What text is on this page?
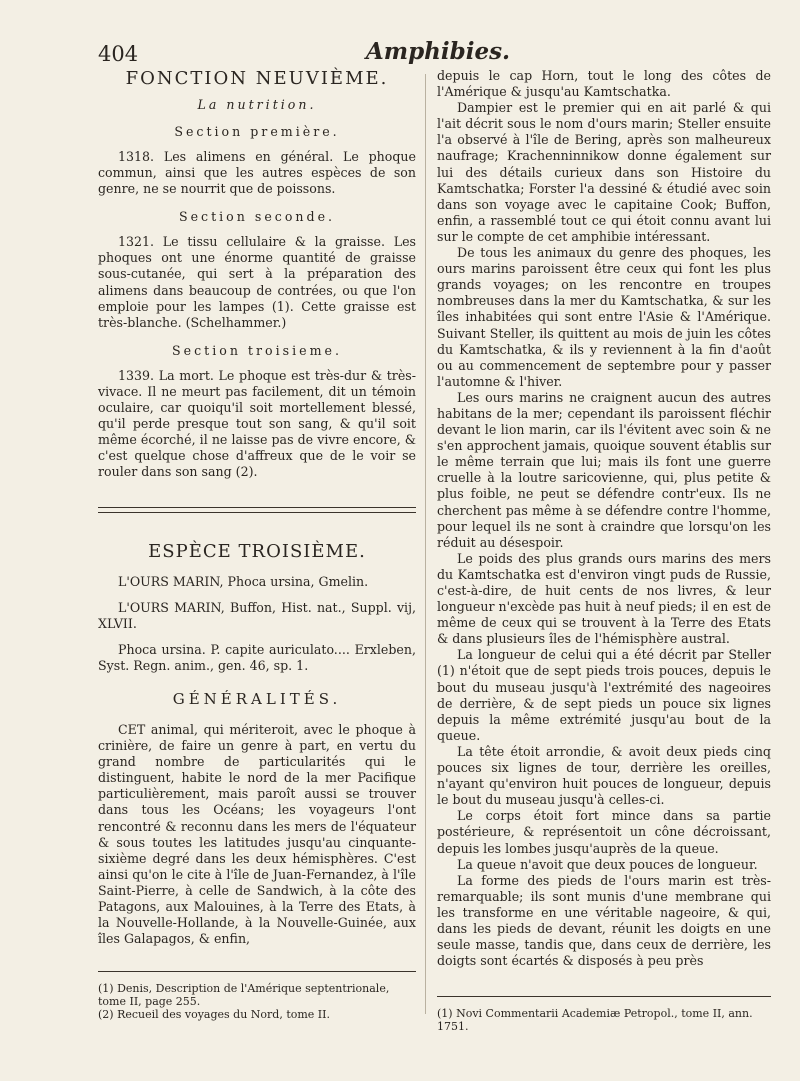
404	Amphibies.
FONCTION NEUVIÈME.
La nutrition.
Section première.

1318. Les alimens en général. Le phoque commun, ainsi que les autres espèces de son genre, ne se nourrit que de poissons.

Section seconde.

1321. Le tissu cellulaire & la graisse. Les phoques ont une énorme quantité de graisse sous-cutanée, qui sert à la préparation des alimens dans beaucoup de contrées, ou que l'on emploie pour les lampes (1). Cette graisse est très-blanche. (Schelhammer.)

Section troisieme.

1339. La mort. Le phoque est très-dur & très-vivace. Il ne meurt pas facilement, dit un témoin oculaire, car quoiqu'il soit mortellement blessé, qu'il perde presque tout son sang, & qu'il soit même écorché, il ne laisse pas de vivre encore, & c'est quelque chose d'affreux que de le voir se rouler dans son sang (2).

ESPÈCE TROISIÈME.

L'OURS MARIN, Phoca ursina, Gmelin.

L'OURS MARIN, Buffon, Hist. nat., Suppl. vij, XLVII.

Phoca ursina. P. capite auriculato.... Erxleben, Syst. Regn. anim., gen. 46, sp. 1.

GÉNÉRALITÉS.

CET animal, qui mériteroit, avec le phoque à crinière, de faire un genre à part, en vertu du grand nombre de particularités qui le distinguent, habite le nord de la mer Pacifique particulièrement, mais paroît aussi se trouver dans tous les Océans; les voyageurs l'ont rencontré & reconnu dans les mers de l'équateur & sous toutes les latitudes jusqu'au cinquante-sixième degré dans les deux hémisphères. C'est ainsi qu'on le cite à l'île de Juan-Fernandez, à l'île Saint-Pierre, à celle de Sandwich, à la côte des Patagons, aux Malouines, à la Terre des Etats, à la Nouvelle-Hollande, à la Nouvelle-Guinée, aux îles Galapagos, & enfin,

(1) Denis, Description de l'Amérique septentrionale, tome II, page 255.

(2) Recueil des voyages du Nord, tome II.

depuis le cap Horn, tout le long des côtes de l'Amérique & jusqu'au Kamtschatka.

Dampier est le premier qui en ait parlé & qui l'ait décrit sous le nom d'ours marin; Steller ensuite l'a observé à l'île de Bering, après son malheureux naufrage; Krachenninnikow donne également sur lui des détails curieux dans son Histoire du Kamtschatka; Forster l'a dessiné & étudié avec soin dans son voyage avec le capitaine Cook; Buffon, enfin, a rassemblé tout ce qui étoit connu avant lui sur le compte de cet amphibie intéressant.

De tous les animaux du genre des phoques, les ours marins paroissent être ceux qui font les plus grands voyages; on les rencontre en troupes nombreuses dans la mer du Kamtschatka, & sur les îles inhabitées qui sont entre l'Asie & l'Amérique. Suivant Steller, ils quittent au mois de juin les côtes du Kamtschatka, & ils y reviennent à la fin d'août ou au commencement de septembre pour y passer l'automne & l'hiver.

Les ours marins ne craignent aucun des autres habitans de la mer; cependant ils paroissent fléchir devant le lion marin, car ils l'évitent avec soin & ne s'en approchent jamais, quoique souvent établis sur le même terrain que lui; mais ils font une guerre cruelle à la loutre saricovienne, qui, plus petite & plus foible, ne peut se défendre contr'eux. Ils ne cherchent pas même à se défendre contre l'homme, pour lequel ils ne sont à craindre que lorsqu'on les réduit au désespoir.

Le poids des plus grands ours marins des mers du Kamtschatka est d'environ vingt puds de Russie, c'est-à-dire, de huit cents de nos livres, & leur longueur n'excède pas huit à neuf pieds; il en est de même de ceux qui se trouvent à la Terre des Etats & dans plusieurs îles de l'hémisphère austral.

La longueur de celui qui a été décrit par Steller (1) n'étoit que de sept pieds trois pouces, depuis le bout du museau jusqu'à l'extrémité des nageoires de derrière, & de sept pieds un pouce six lignes depuis la même extrémité jusqu'au bout de la queue.

La tête étoit arrondie, & avoit deux pieds cinq pouces six lignes de tour, derrière les oreilles, n'ayant qu'environ huit pouces de longueur, depuis le bout du museau jusqu'à celles-ci.

Le corps étoit fort mince dans sa partie postérieure, & représentoit un cône décroissant, depuis les lombes jusqu'auprès de la queue.

La queue n'avoit que deux pouces de longueur.

La forme des pieds de l'ours marin est très-remarquable; ils sont munis d'une membrane qui les transforme en une véritable nageoire, & qui, dans les pieds de devant, réunit les doigts en une seule masse, tandis que, dans ceux de derrière, les doigts sont écartés & disposés à peu près

(1) Novi Commentarii Academiæ Petropol., tome II, ann. 1751.
